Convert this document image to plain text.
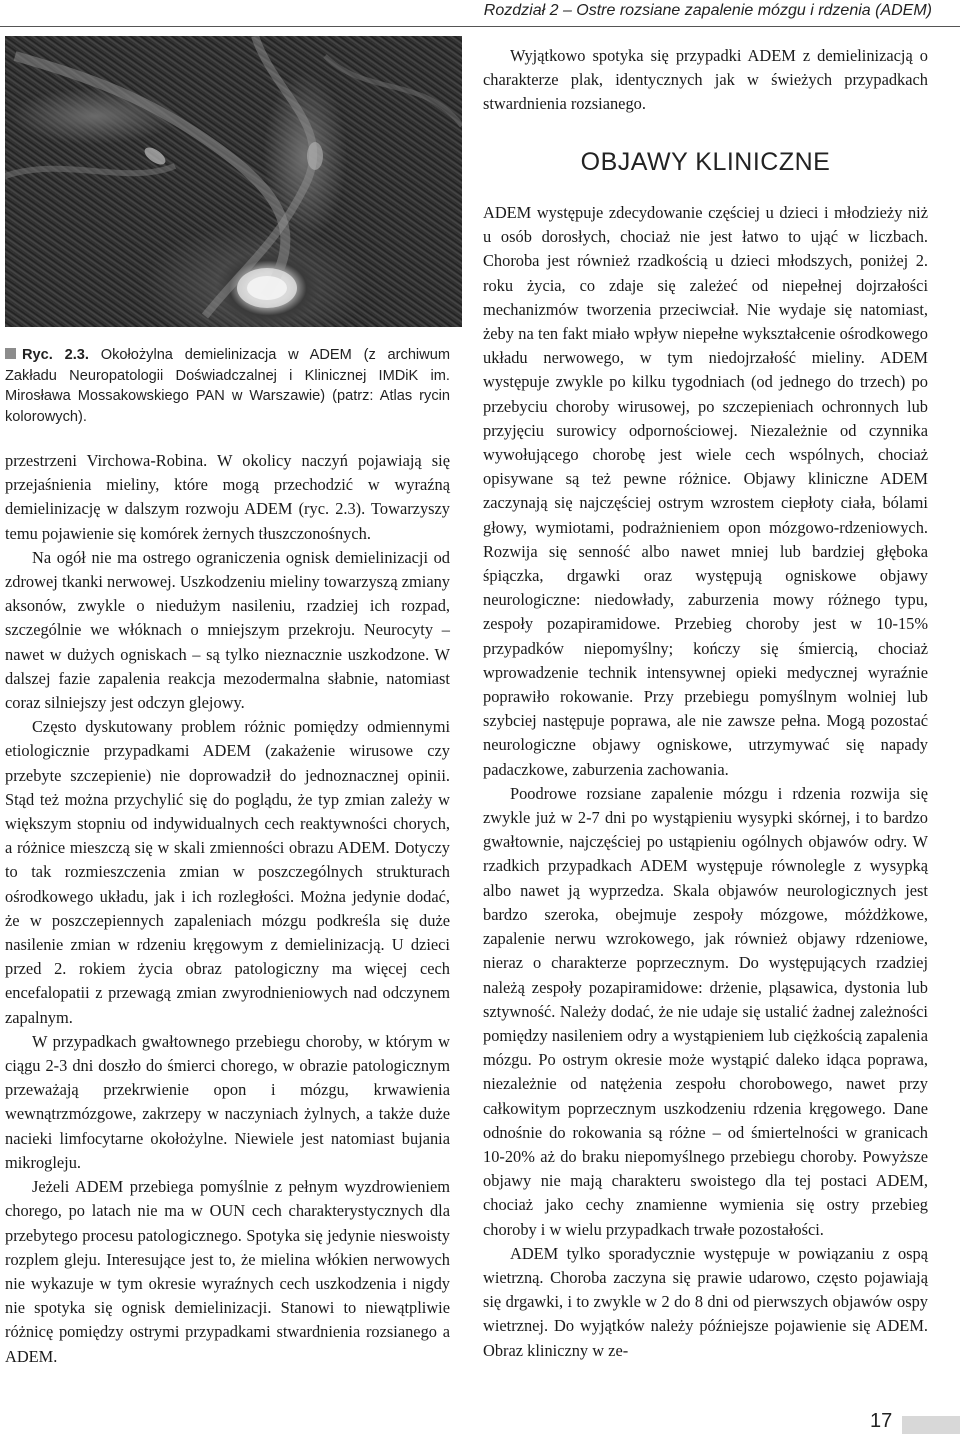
Rozdział 2 – Ostre rozsiane zapalenie mózgu i rdzenia (ADEM)
Ryc. 2.3. Okołożylna demielinizacja w ADEM (z archiwum Zakładu Neuropatologii Doświadczalnej i Klinicznej IMDiK im. Mirosława Mossakowskiego PAN w Warszawie) (patrz: Atlas rycin kolorowych).

Wyjątkowo spotyka się przypadki ADEM z demielinizacją o charakterze plak, identycznych jak w świeżych przypadkach stwardnienia rozsianego.

OBJAWY KLINICZNE

przestrzeni Virchowa-Robina. W okolicy naczyń pojawiają się przejaśnienia mieliny, które mogą przechodzić w wyraźną demielinizację w dalszym rozwoju ADEM (ryc. 2.3). Towarzyszy temu pojawienie się komórek żernych tłuszczonośnych.

Na ogół nie ma ostrego ograniczenia ognisk demielinizacji od zdrowej tkanki nerwowej. Uszkodzeniu mieliny towarzyszą zmiany aksonów, zwykle o niedużym nasileniu, rzadziej ich rozpad, szczególnie we włóknach o mniejszym przekroju. Neurocyty – nawet w dużych ogniskach – są tylko nieznacznie uszkodzone. W dalszej fazie zapalenia reakcja mezodermalna słabnie, natomiast coraz silniejszy jest odczyn glejowy.

Często dyskutowany problem różnic pomiędzy odmiennymi etiologicznie przypadkami ADEM (zakażenie wirusowe czy przebyte szczepienie) nie doprowadził do jednoznacznej opinii. Stąd też można przychylić się do poglądu, że typ zmian zależy w większym stopniu od indywidualnych cech reaktywności chorych, a różnice mieszczą się w skali zmienności obrazu ADEM. Dotyczy to tak rozmieszczenia zmian w poszczególnych strukturach ośrodkowego układu, jak i ich rozległości. Można jedynie dodać, że w poszczepiennych zapaleniach mózgu podkreśla się duże nasilenie zmian w rdzeniu kręgowym z demielinizacją. U dzieci przed 2. rokiem życia obraz patologiczny ma więcej cech encefalopatii z przewagą zmian zwyrodnieniowych nad odczynem zapalnym.

W przypadkach gwałtownego przebiegu choroby, w którym w ciągu 2-3 dni doszło do śmierci chorego, w obrazie patologicznym przeważają przekrwienie opon i mózgu, krwawienia wewnątrzmózgowe, zakrzepy w naczyniach żylnych, a także duże nacieki limfocytarne okołożylne. Niewiele jest natomiast bujania mikrogleju.

Jeżeli ADEM przebiega pomyślnie z pełnym wyzdrowieniem chorego, po latach nie ma w OUN cech charakterystycznych dla przebytego procesu patologicznego. Spotyka się jedynie nieswoisty rozplem gleju. Interesujące jest to, że mielina włókien nerwowych nie wykazuje w tym okresie wyraźnych cech uszkodzenia i nigdy nie spotyka się ognisk demielinizacji. Stanowi to niewątpliwie różnicę pomiędzy ostrymi przypadkami stwardnienia rozsianego a ADEM.

ADEM występuje zdecydowanie częściej u dzieci i młodzieży niż u osób dorosłych, chociaż nie jest łatwo to ująć w liczbach. Choroba jest również rzadkością u dzieci młodszych, poniżej 2. roku życia, co zdaje się zależeć od niepełnej dojrzałości mechanizmów tworzenia przeciwciał. Nie wydaje się natomiast, żeby na ten fakt miało wpływ niepełne wykształcenie ośrodkowego układu nerwowego, w tym niedojrzałość mieliny. ADEM występuje zwykle po kilku tygodniach (od jednego do trzech) po przebyciu choroby wirusowej, po szczepieniach ochronnych lub przyjęciu surowicy odpornościowej. Niezależnie od czynnika wywołującego chorobę jest wiele cech wspólnych, chociaż opisywane są też pewne różnice. Objawy kliniczne ADEM zaczynają się najczęściej ostrym wzrostem ciepłoty ciała, bólami głowy, wymiotami, podrażnieniem opon mózgowo-rdzeniowych. Rozwija się senność albo nawet mniej lub bardziej głęboka śpiączka, drgawki oraz występują ogniskowe objawy neurologiczne: niedowłady, zaburzenia mowy różnego typu, zespoły pozapiramidowe. Przebieg choroby jest w 10-15% przypadków niepomyślny; kończy się śmiercią, chociaż wprowadzenie technik intensywnej opieki medycznej wyraźnie poprawiło rokowanie. Przy przebiegu pomyślnym wolniej lub szybciej następuje poprawa, ale nie zawsze pełna. Mogą pozostać neurologiczne objawy ogniskowe, utrzymywać się napady padaczkowe, zaburzenia zachowania.

Poodrowe rozsiane zapalenie mózgu i rdzenia rozwija się zwykle już w 2-7 dni po wystąpieniu wysypki skórnej, i to bardzo gwałtownie, najczęściej po ustąpieniu ogólnych objawów odry. W rzadkich przypadkach ADEM występuje równolegle z wysypką albo nawet ją wyprzedza. Skala objawów neurologicznych jest bardzo szeroka, obejmuje zespoły mózgowe, móżdżkowe, zapalenie nerwu wzrokowego, jak również objawy rdzeniowe, nieraz o charakterze poprzecznym. Do występujących rzadziej należą zespoły pozapiramidowe: drżenie, pląsawica, dystonia lub sztywność. Należy dodać, że nie udaje się ustalić żadnej zależności pomiędzy nasileniem odry a wystąpieniem lub ciężkością zapalenia mózgu. Po ostrym okresie może wystąpić daleko idąca poprawa, niezależnie od natężenia zespołu chorobowego, nawet przy całkowitym poprzecznym uszkodzeniu rdzenia kręgowego. Dane odnośnie do rokowania są różne – od śmiertelności w granicach 10-20% aż do braku niepomyślnego przebiegu choroby. Powyższe objawy nie mają charakteru swoistego dla tej postaci ADEM, chociaż jako cechy znamienne wymienia się ostry przebieg choroby i w wielu przypadkach trwałe pozostałości.

ADEM tylko sporadycznie występuje w powiązaniu z ospą wietrzną. Choroba zaczyna się prawie udarowo, często pojawiają się drgawki, i to zwykle w 2 do 8 dni od pierwszych objawów ospy wietrznej. Do wyjątków należy późniejsze pojawienie się ADEM. Obraz kliniczny w ze-

17
